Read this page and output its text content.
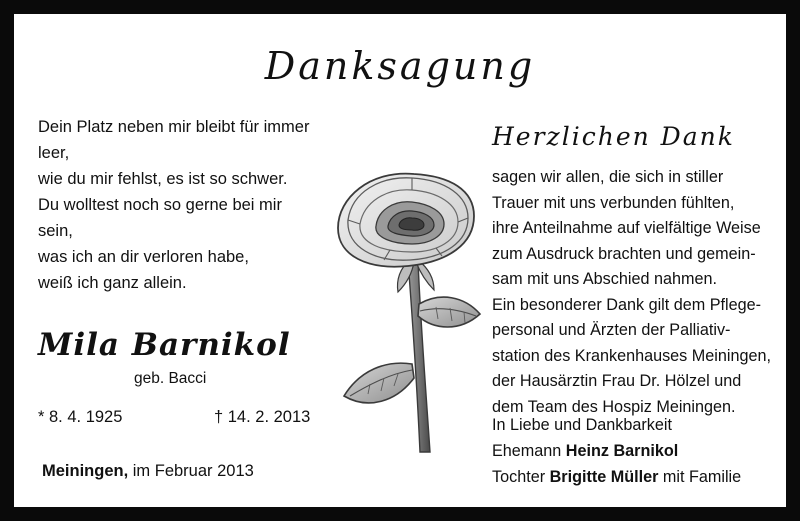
Danksagung
Dein Platz neben mir bleibt für immer
leer,
wie du mir fehlst, es ist so schwer.
Du wolltest noch so gerne bei mir
sein,
was ich an dir verloren habe,
weiß ich ganz allein.
Mila Barnikol
geb. Bacci
* 8. 4. 1925	† 14. 2. 2013
Meiningen, im Februar 2013
Herzlichen Dank
sagen wir allen, die sich in stiller
Trauer mit uns verbunden fühlten,
ihre Anteilnahme auf vielfältige Weise
zum Ausdruck brachten und gemein-
sam mit uns Abschied nahmen.
Ein besonderer Dank gilt dem Pflege-
personal und Ärzten der Palliativ-
station des Krankenhauses Meiningen,
der Hausärztin Frau Dr. Hölzel und
dem Team des Hospiz Meiningen.
In Liebe und Dankbarkeit
Ehemann Heinz Barnikol
Tochter Brigitte Müller mit Familie
